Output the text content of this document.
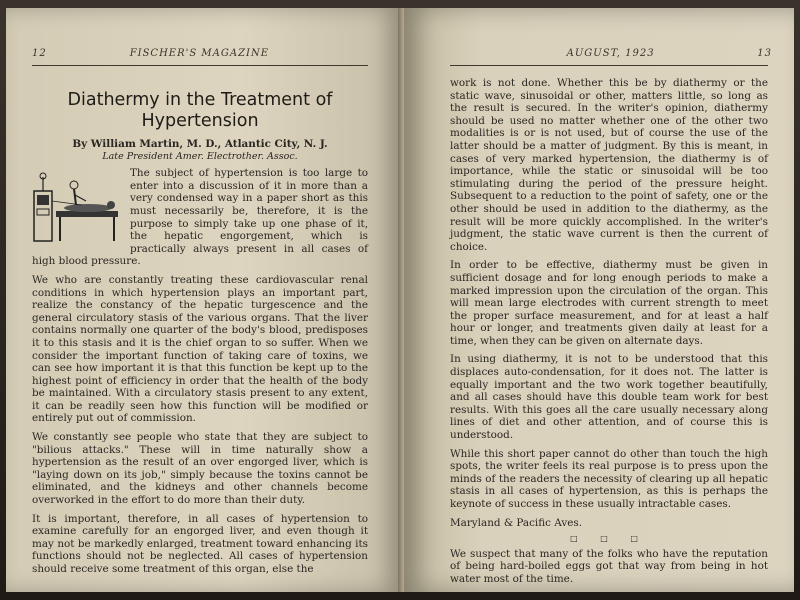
12	FISCHER'S MAGAZINE
Diathermy in the Treatment of Hypertension
By William Martin, M. D., Atlantic City, N. J.
Late President Amer. Electrother. Assoc.

The subject of hypertension is too large to enter into a discussion of it in more than a very condensed way in a paper short as this must necessarily be, therefore, it is the purpose to simply take up one phase of it, the hepatic engorgement, which is practically always present in all cases of high blood pressure.

We who are constantly treating these cardiovascular renal conditions in which hypertension plays an important part, realize the constancy of the hepatic turgescence and the general circulatory stasis of the various organs. That the liver contains normally one quarter of the body's blood, predisposes it to this stasis and it is the chief organ to so suffer. When we consider the important function of taking care of toxins, we can see how important it is that this function be kept up to the highest point of efficiency in order that the health of the body be maintained. With a circulatory stasis present to any extent, it can be readily seen how this function will be modified or entirely put out of commission.

We constantly see people who state that they are subject to "bilious attacks." These will in time naturally show a hypertension as the result of an over engorged liver, which is "laying down on its job," simply because the toxins cannot be eliminated, and the kidneys and other channels become overworked in the effort to do more than their duty.

It is important, therefore, in all cases of hypertension to examine carefully for an engorged liver, and even though it may not be markedly enlarged, treatment toward enhancing its functions should not be neglected. All cases of hypertension should receive some treatment of this organ, else the

AUGUST, 1923	13

work is not done. Whether this be by diathermy or the static wave, sinusoidal or other, matters little, so long as the result is secured. In the writer's opinion, diathermy should be used no matter whether one of the other two modalities is or is not used, but of course the use of the latter should be a matter of judgment. By this is meant, in cases of very marked hypertension, the diathermy is of importance, while the static or sinusoidal will be too stimulating during the period of the pressure height. Subsequent to a reduction to the point of safety, one or the other should be used in addition to the diathermy, as the result will be more quickly accomplished. In the writer's judgment, the static wave current is then the current of choice.

In order to be effective, diathermy must be given in sufficient dosage and for long enough periods to make a marked impression upon the circulation of the organ. This will mean large electrodes with current strength to meet the proper surface measurement, and for at least a half hour or longer, and treatments given daily at least for a time, when they can be given on alternate days.

In using diathermy, it is not to be understood that this displaces auto-condensation, for it does not. The latter is equally important and the two work together beautifully, and all cases should have this double team work for best results. With this goes all the care usually necessary along lines of diet and other attention, and of course this is understood.

While this short paper cannot do other than touch the high spots, the writer feels its real purpose is to press upon the minds of the readers the necessity of clearing up all hepatic stasis in all cases of hypertension, as this is perhaps the keynote of success in these usually intractable cases.

Maryland & Pacific Aves.
□ □ □

We suspect that many of the folks who have the reputation of being hard-boiled eggs got that way from being in hot water most of the time.
